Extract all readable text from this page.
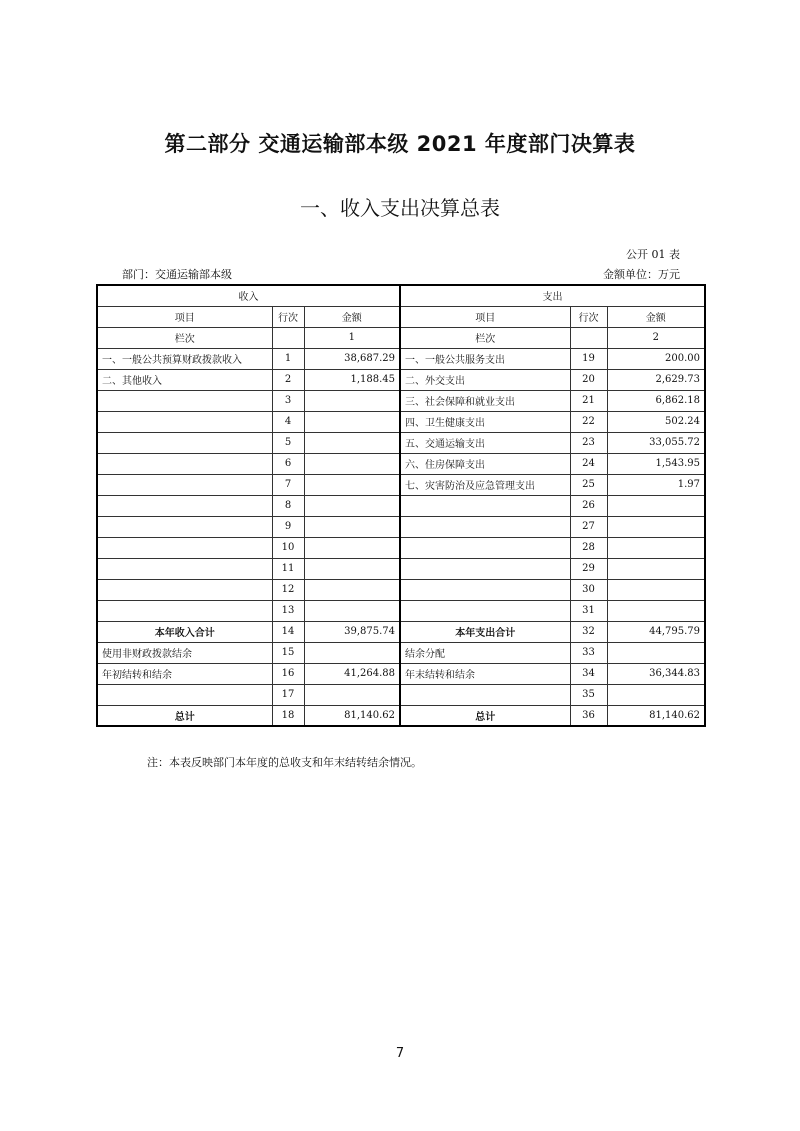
第二部分 交通运输部本级 2021 年度部门决算表
一、收入支出决算总表
公开 01 表
部门：交通运输部本级	金额单位：万元
收入			支出		
项目	行次	金额	项目	行次	金额
栏次		1	栏次		2
一、一般公共预算财政拨款收入	1	38,687.29	一、一般公共服务支出	19	200.00
二、其他收入	2	1,188.45	二、外交支出	20	2,629.73
	3		三、社会保障和就业支出	21	6,862.18
	4		四、卫生健康支出	22	502.24
	5		五、交通运输支出	23	33,055.72
	6		六、住房保障支出	24	1,543.95
	7		七、灾害防治及应急管理支出	25	1.97
	8			26	
	9			27	
	10			28	
	11			29	
	12			30	
	13			31	
本年收入合计	14	39,875.74	本年支出合计	32	44,795.79
使用非财政拨款结余	15		结余分配	33	
年初结转和结余	16	41,264.88	年末结转和结余	34	36,344.83
	17			35	
总计	18	81,140.62	总计	36	81,140.62
注：本表反映部门本年度的总收支和年末结转结余情况。
7
